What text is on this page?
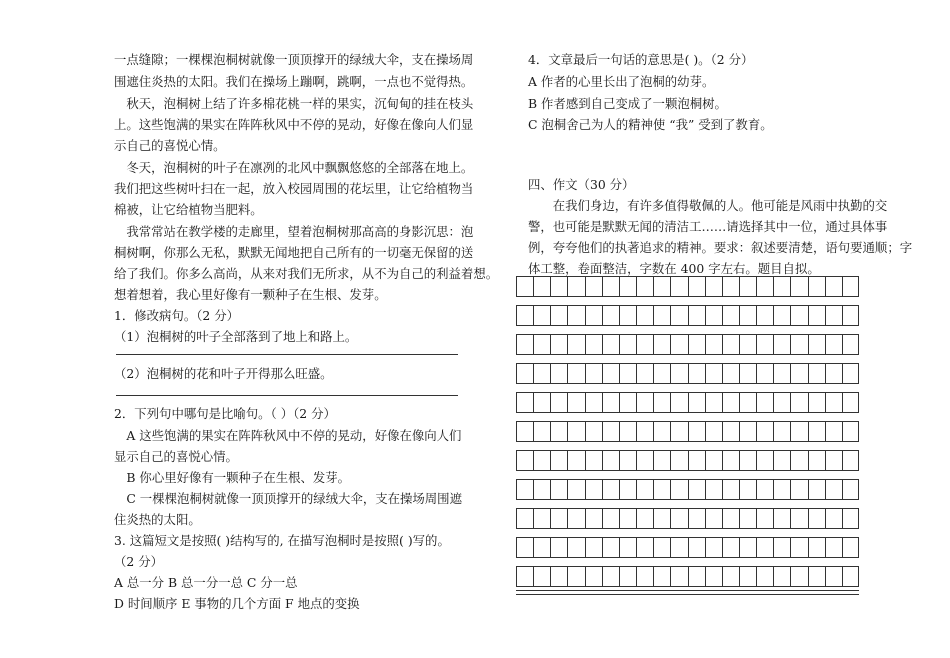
一点缝隙；一棵棵泡桐树就像一顶顶撑开的绿绒大伞，支在操场周
围遮住炎热的太阳。我们在操场上蹦啊，跳啊，一点也不觉得热。
　秋天，泡桐树上结了许多棉花桃一样的果实，沉甸甸的挂在枝头
上。这些饱满的果实在阵阵秋风中不停的晃动，好像在像向人们显
示自己的喜悦心情。
　冬天，泡桐树的叶子在凛冽的北风中飘飘悠悠的全部落在地上。
我们把这些树叶扫在一起，放入校园周围的花坛里，让它给植物当
棉被，让它给植物当肥料。
　我常常站在教学楼的走廊里，望着泡桐树那高高的身影沉思：泡
桐树啊，你那么无私，默默无闻地把自己所有的一切毫无保留的送
给了我们。你多么高尚，从来对我们无所求，从不为自己的利益着想。
想着想着，我心里好像有一颗种子在生根、发芽。
1．修改病句。（2 分）
（1）泡桐树的叶子全部落到了地上和路上。
（2）泡桐树的花和叶子开得那么旺盛。
2．下列句中哪句是比喻句。（ ）（2 分）
　A 这些饱满的果实在阵阵秋风中不停的晃动，好像在像向人们
显示自己的喜悦心情。
　B 你心里好像有一颗种子在生根、发芽。
　C 一棵棵泡桐树就像一顶顶撑开的绿绒大伞，支在操场周围遮
住炎热的太阳。
3. 这篇短文是按照( )结构写的, 在描写泡桐时是按照( )写的。
（2 分）
A 总一分 B 总一分一总 C 分一总
D 时间顺序 E 事物的几个方面 F 地点的变换
4．文章最后一句话的意思是( )。（2 分）
A 作者的心里长出了泡桐的幼芽。
B 作者感到自己变成了一颗泡桐树。
C 泡桐舍己为人的精神使 “我” 受到了教育。
四、作文（30 分）
　　在我们身边，有许多值得敬佩的人。他可能是风雨中执勤的交
警，也可能是默默无闻的清洁工……请选择其中一位，通过具体事
例，夸夸他们的执著追求的精神。要求：叙述要清楚，语句要通顺；字
体工整，卷面整洁，字数在 400 字左右。题目自拟。
